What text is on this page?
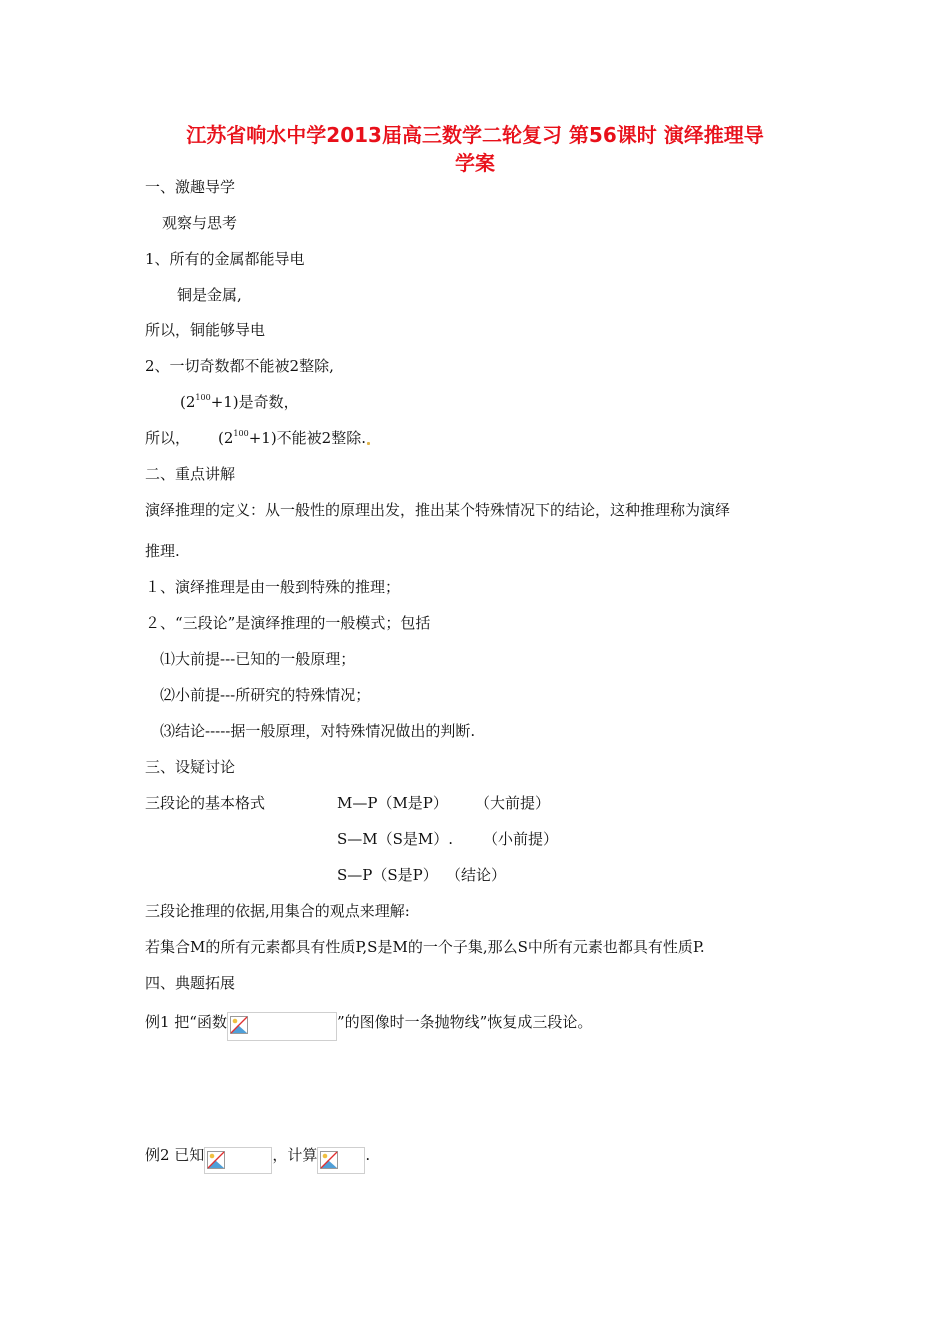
江苏省响水中学2013届高三数学二轮复习 第56课时 演绎推理导
学案
一、激趣导学
观察与思考
1、所有的金属都能导电
铜是金属,
所以，铜能够导电
2、一切奇数都不能被2整除,
$(2^{100}+1)$是奇数，
所以， $(2^{100}+1)$不能被2整除.
二、重点讲解
演绎推理的定义：从一般性的原理出发，推出某个特殊情况下的结论，这种推理称为演绎
推理.
１、演绎推理是由一般到特殊的推理；
２、“三段论”是演绎推理的一般模式；包括
⑴大前提---已知的一般原理；
⑵小前提---所研究的特殊情况；
⑶结论-----据一般原理，对特殊情况做出的判断.
三、设疑讨论
三段论的基本格式	M—P（M是P） （大前提）
S—M（S是M）. （小前提）
S—P（S是P） （结论）
三段论推理的依据,用集合的观点来理解:
若集合M的所有元素都具有性质P,S是M的一个子集,那么S中所有元素也都具有性质P.
四、典题拓展
例1 把“函数	”的图像时一条抛物线”恢复成三段论。
例2 已知	，计算	.
